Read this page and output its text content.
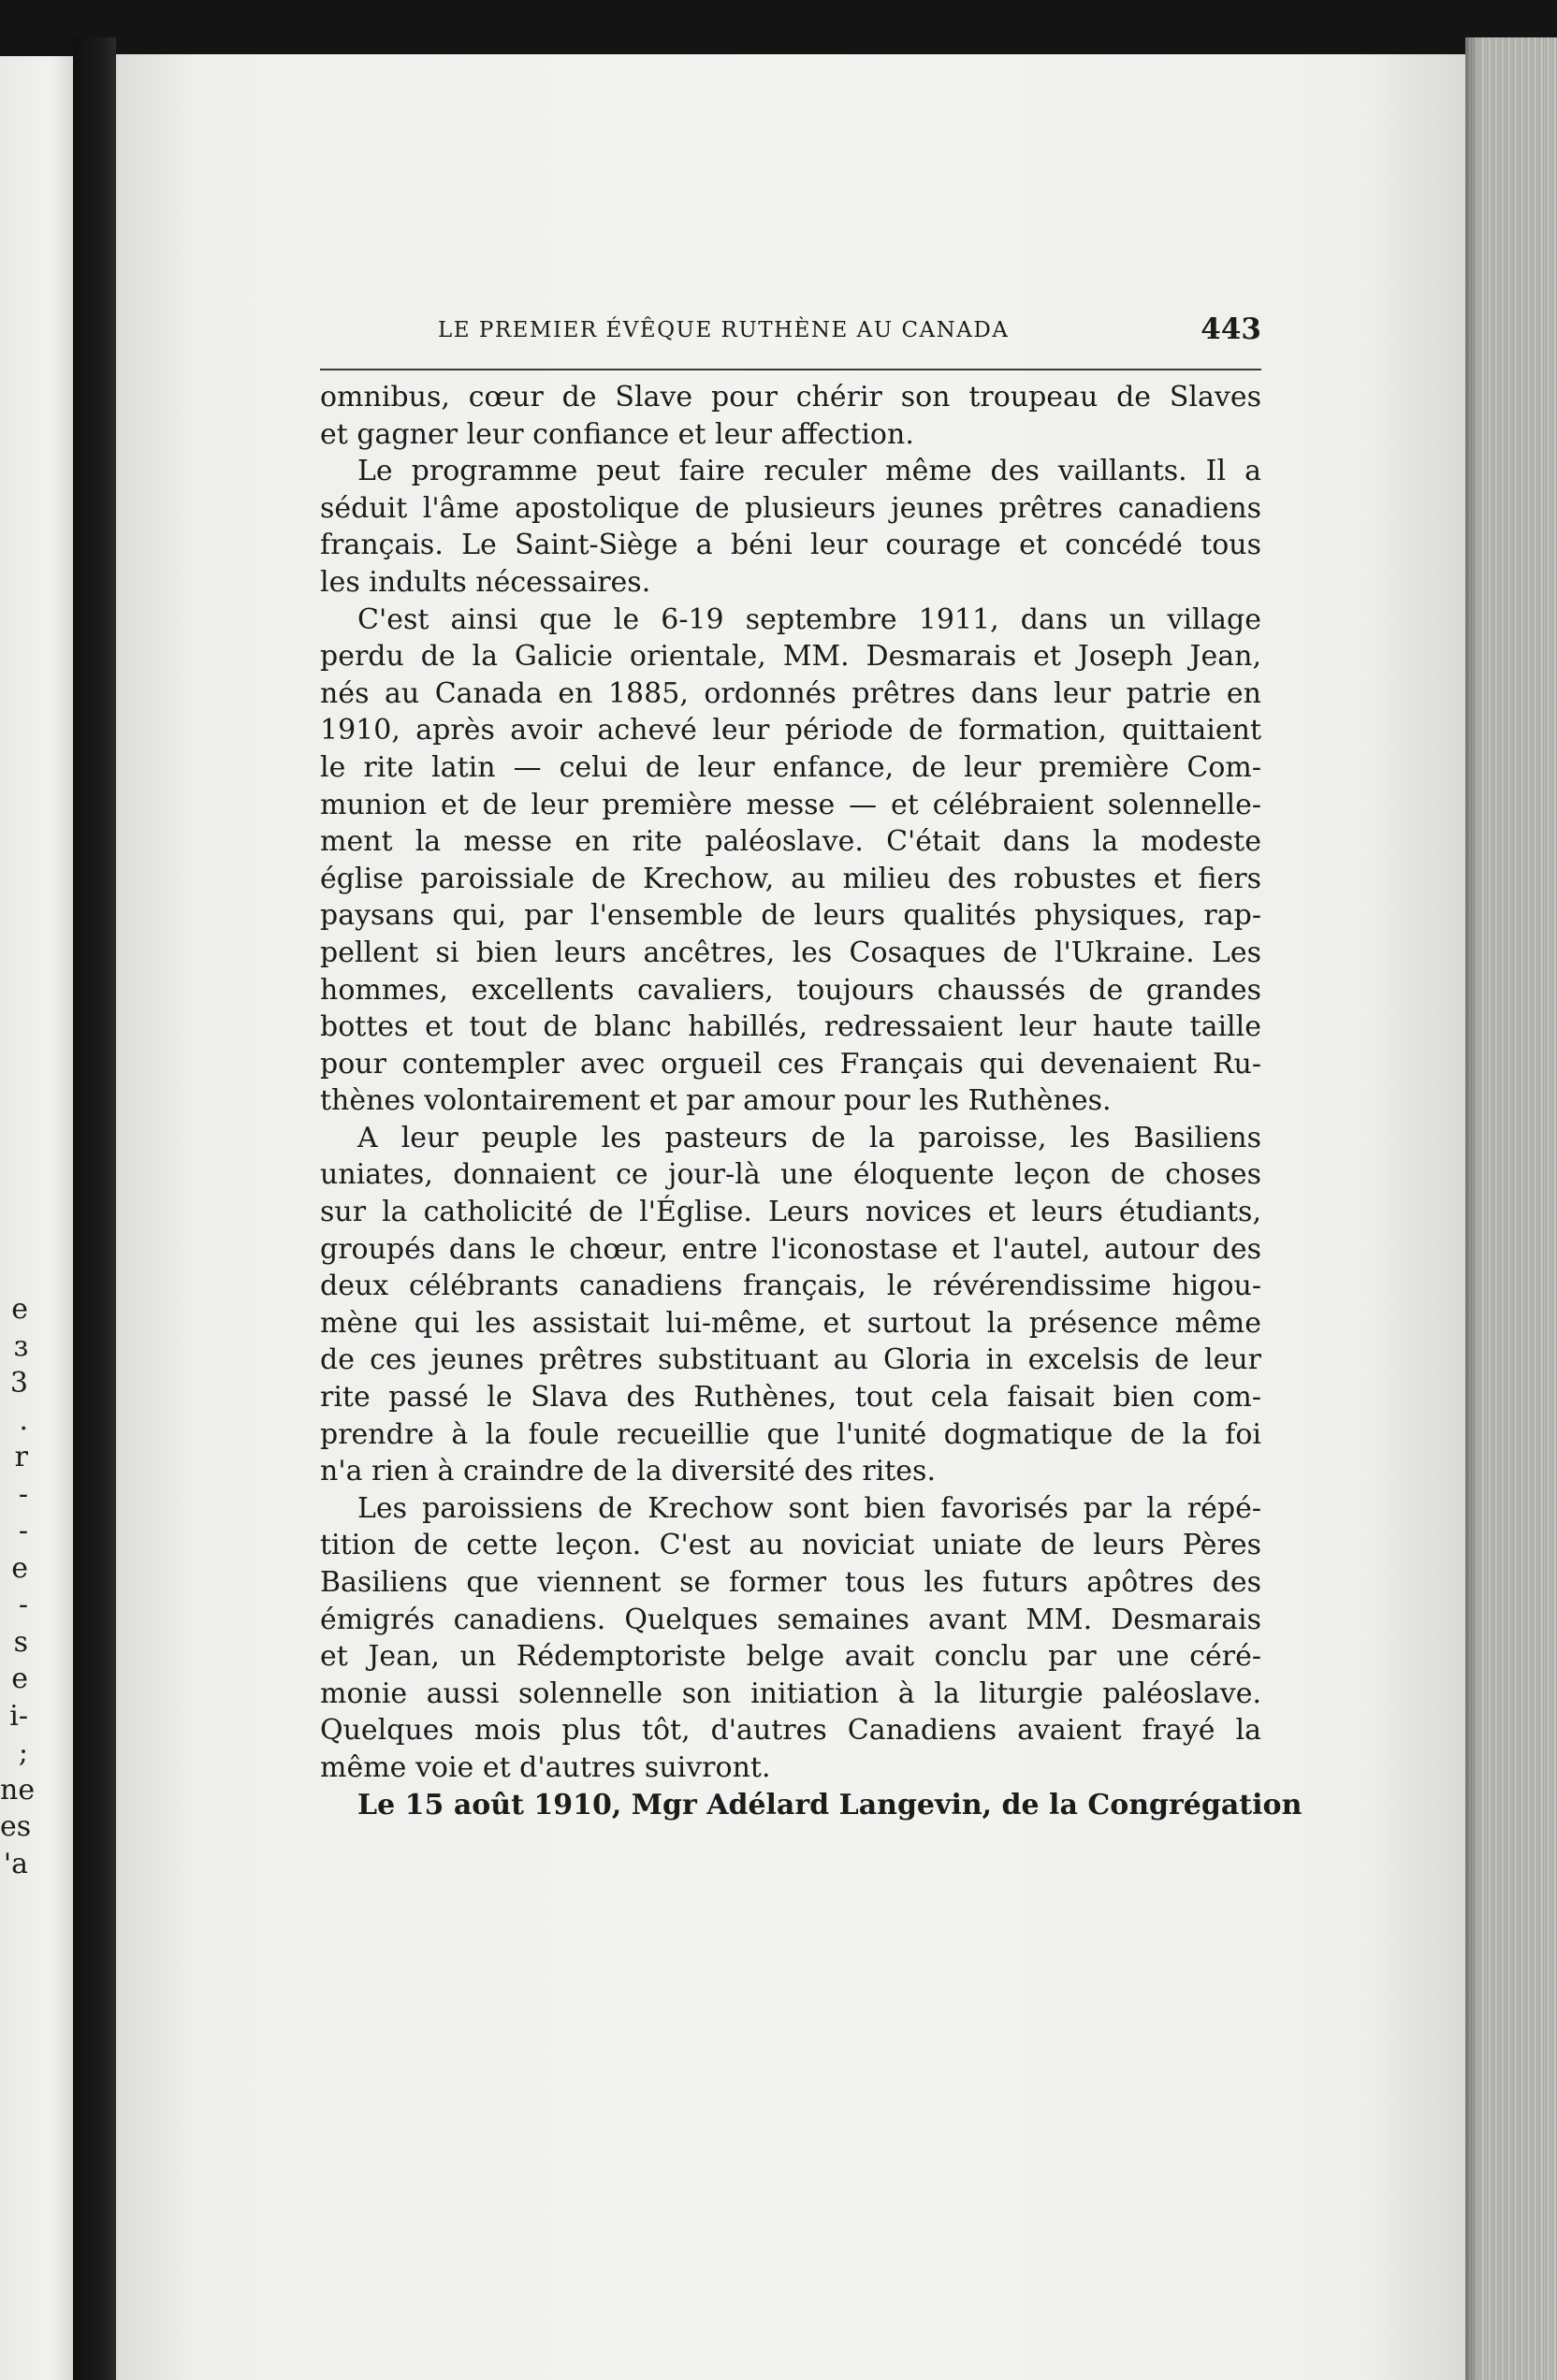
e
ɜ
3
.
r
-
-
e
-
s
e
i-
;
ne
es
'a
LE PREMIER ÉVÊQUE RUTHÈNE AU CANADA	443
omnibus, cœur de Slave pour chérir son troupeau de Slaves
et gagner leur confiance et leur affection.
Le programme peut faire reculer même des vaillants. Il a
séduit l'âme apostolique de plusieurs jeunes prêtres canadiens
français. Le Saint-Siège a béni leur courage et concédé tous
les indults nécessaires.
C'est ainsi que le 6-19 septembre 1911, dans un village
perdu de la Galicie orientale, MM. Desmarais et Joseph Jean,
nés au Canada en 1885, ordonnés prêtres dans leur patrie en
1910, après avoir achevé leur période de formation, quittaient
le rite latin — celui de leur enfance, de leur première Com-
munion et de leur première messe — et célébraient solennelle-
ment la messe en rite paléoslave. C'était dans la modeste
église paroissiale de Krechow, au milieu des robustes et fiers
paysans qui, par l'ensemble de leurs qualités physiques, rap-
pellent si bien leurs ancêtres, les Cosaques de l'Ukraine. Les
hommes, excellents cavaliers, toujours chaussés de grandes
bottes et tout de blanc habillés, redressaient leur haute taille
pour contempler avec orgueil ces Français qui devenaient Ru-
thènes volontairement et par amour pour les Ruthènes.
A leur peuple les pasteurs de la paroisse, les Basiliens
uniates, donnaient ce jour-là une éloquente leçon de choses
sur la catholicité de l'Église. Leurs novices et leurs étudiants,
groupés dans le chœur, entre l'iconostase et l'autel, autour des
deux célébrants canadiens français, le révérendissime higou-
mène qui les assistait lui-même, et surtout la présence même
de ces jeunes prêtres substituant au Gloria in excelsis de leur
rite passé le Slava des Ruthènes, tout cela faisait bien com-
prendre à la foule recueillie que l'unité dogmatique de la foi
n'a rien à craindre de la diversité des rites.
Les paroissiens de Krechow sont bien favorisés par la répé-
tition de cette leçon. C'est au noviciat uniate de leurs Pères
Basiliens que viennent se former tous les futurs apôtres des
émigrés canadiens. Quelques semaines avant MM. Desmarais
et Jean, un Rédemptoriste belge avait conclu par une céré-
monie aussi solennelle son initiation à la liturgie paléoslave.
Quelques mois plus tôt, d'autres Canadiens avaient frayé la
même voie et d'autres suivront.
Le 15 août 1910, Mgr Adélard Langevin, de la Congrégation
